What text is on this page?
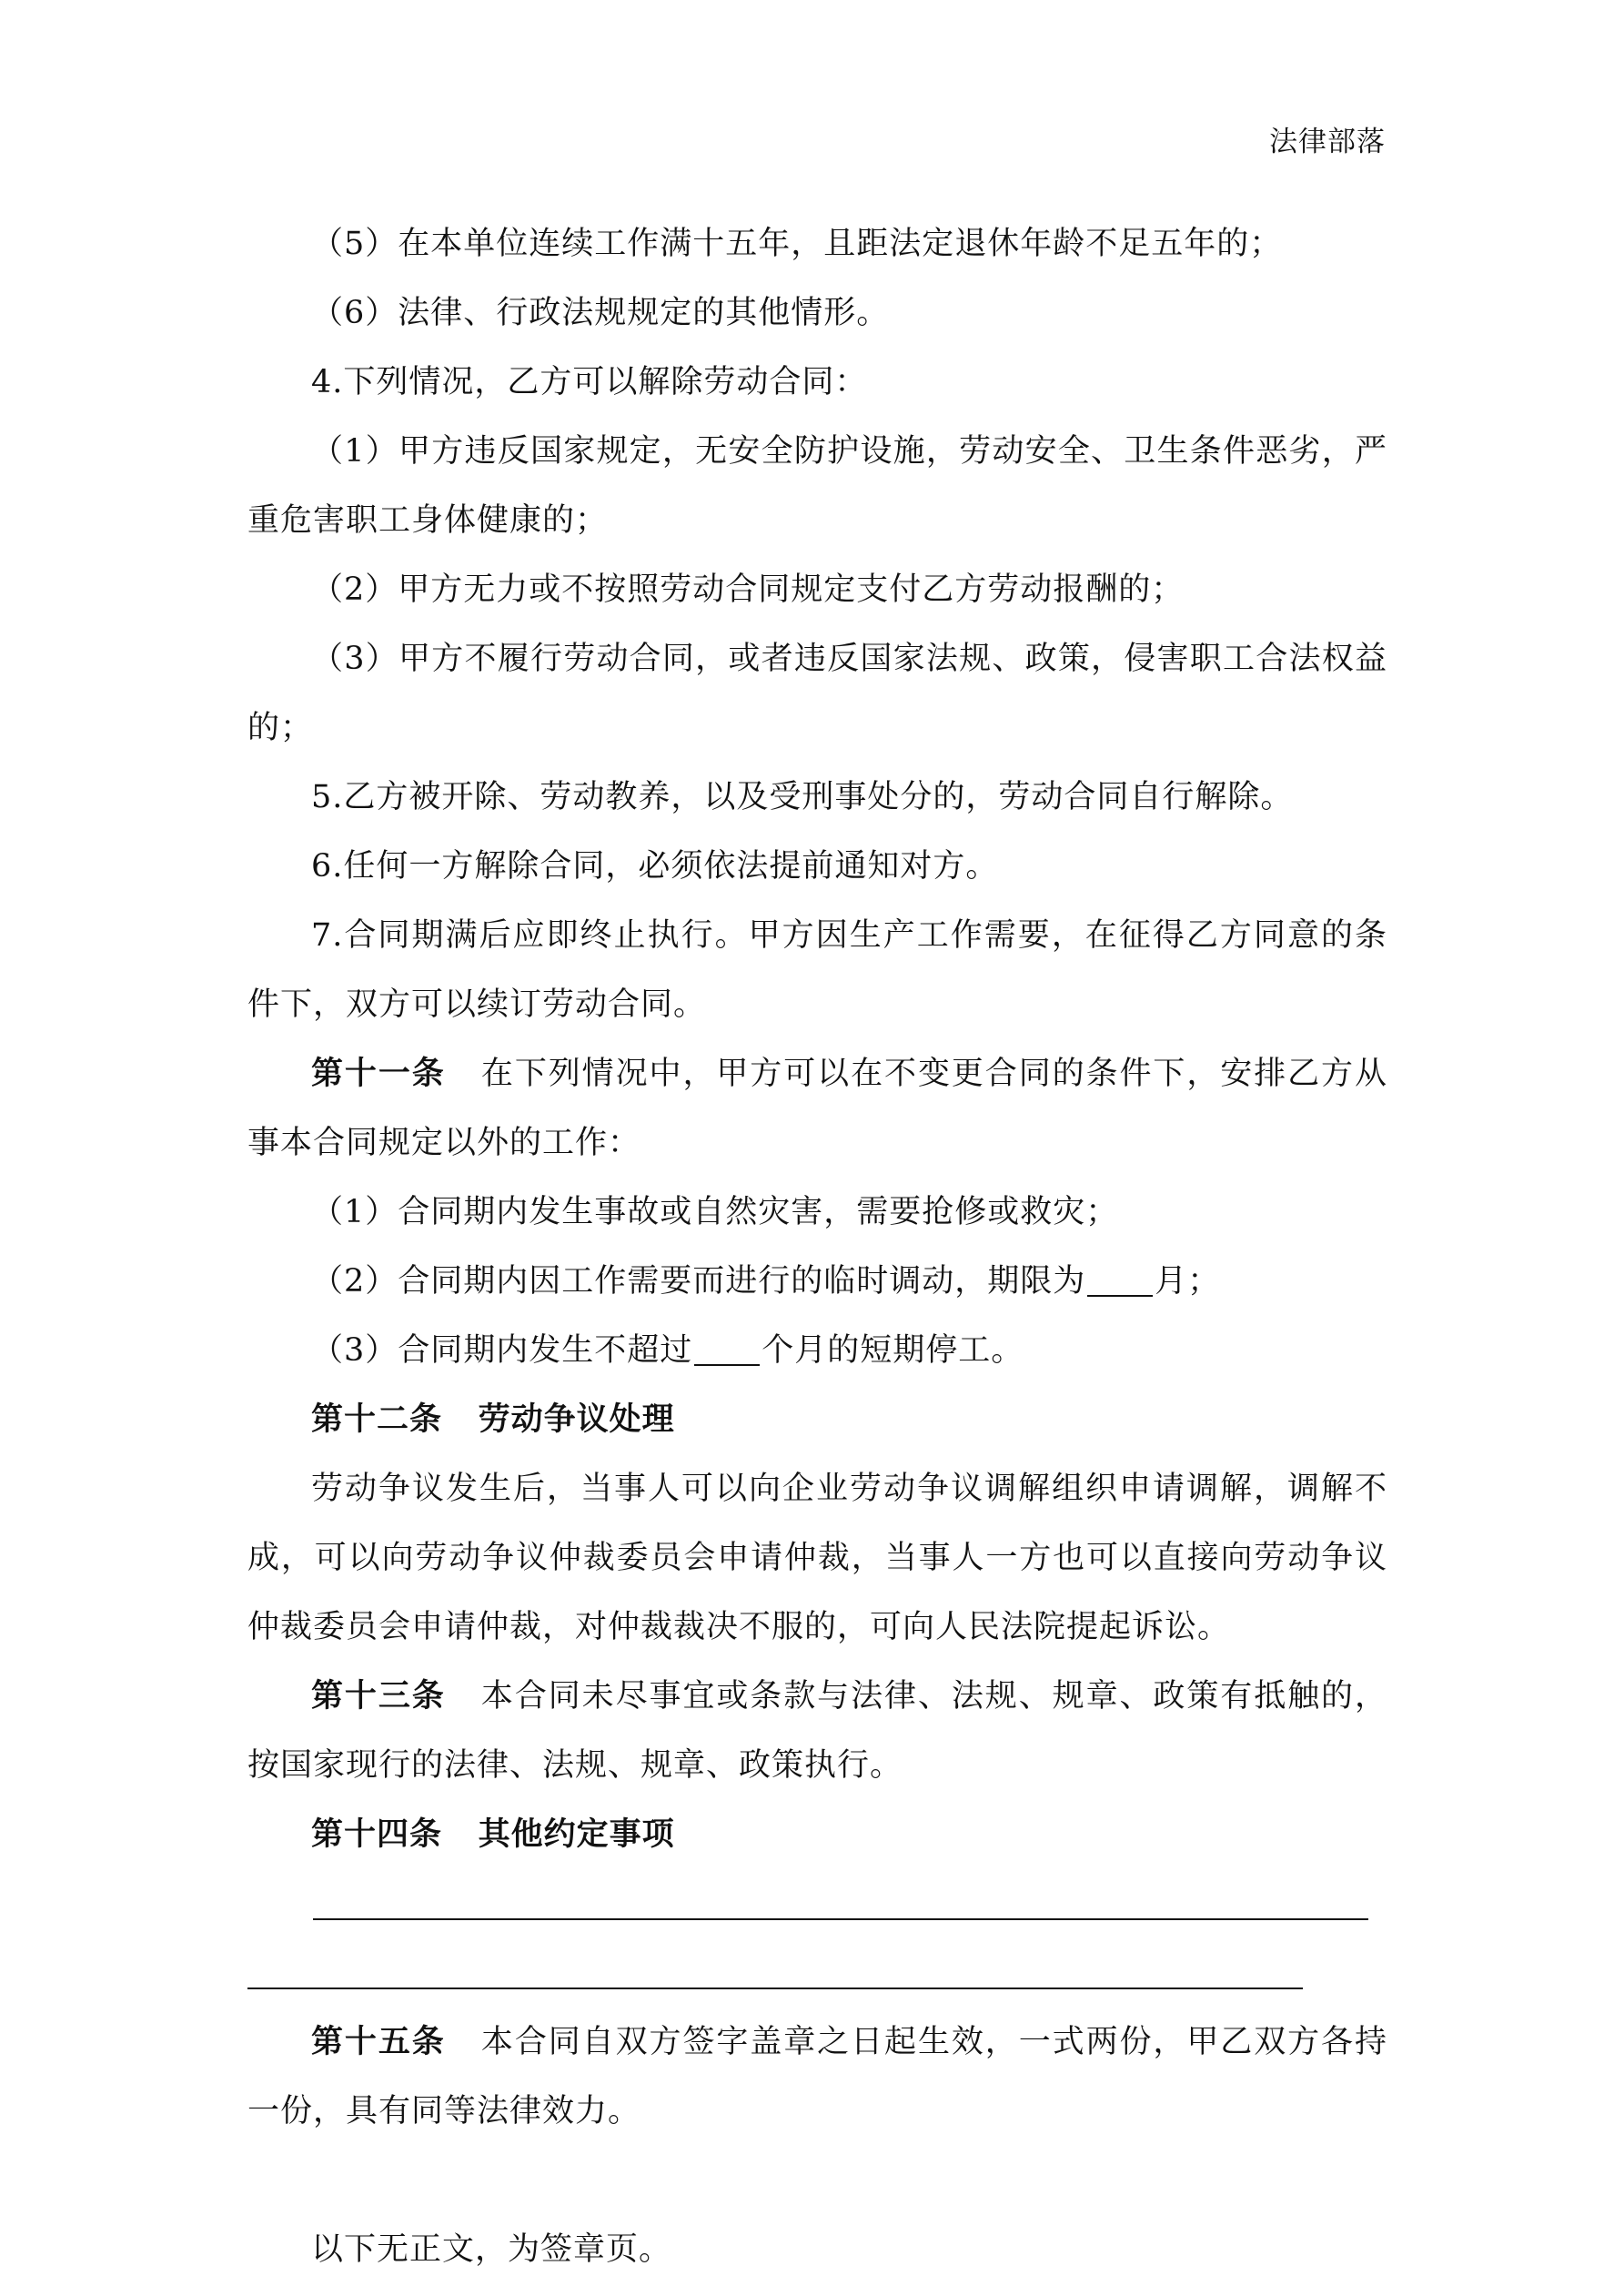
法律部落

（5）在本单位连续工作满十五年，且距法定退休年龄不足五年的；

（6）法律、行政法规规定的其他情形。

4.下列情况，乙方可以解除劳动合同：

（1）甲方违反国家规定，无安全防护设施，劳动安全、卫生条件恶劣，严重危害职工身体健康的；

（2）甲方无力或不按照劳动合同规定支付乙方劳动报酬的；

（3）甲方不履行劳动合同，或者违反国家法规、政策，侵害职工合法权益的；

5.乙方被开除、劳动教养，以及受刑事处分的，劳动合同自行解除。

6.任何一方解除合同，必须依法提前通知对方。

7.合同期满后应即终止执行。甲方因生产工作需要，在征得乙方同意的条件下，双方可以续订劳动合同。

第十一条 在下列情况中，甲方可以在不变更合同的条件下，安排乙方从事本合同规定以外的工作：

（1）合同期内发生事故或自然灾害，需要抢修或救灾；

（2）合同期内因工作需要而进行的临时调动，期限为 月；

（3）合同期内发生不超过 个月的短期停工。

第十二条 劳动争议处理

劳动争议发生后，当事人可以向企业劳动争议调解组织申请调解，调解不成，可以向劳动争议仲裁委员会申请仲裁，当事人一方也可以直接向劳动争议仲裁委员会申请仲裁，对仲裁裁决不服的，可向人民法院提起诉讼。

第十三条 本合同未尽事宜或条款与法律、法规、规章、政策有抵触的，按国家现行的法律、法规、规章、政策执行。

第十四条 其他约定事项

第十五条 本合同自双方签字盖章之日起生效，一式两份，甲乙双方各持一份，具有同等法律效力。

以下无正文，为签章页。
